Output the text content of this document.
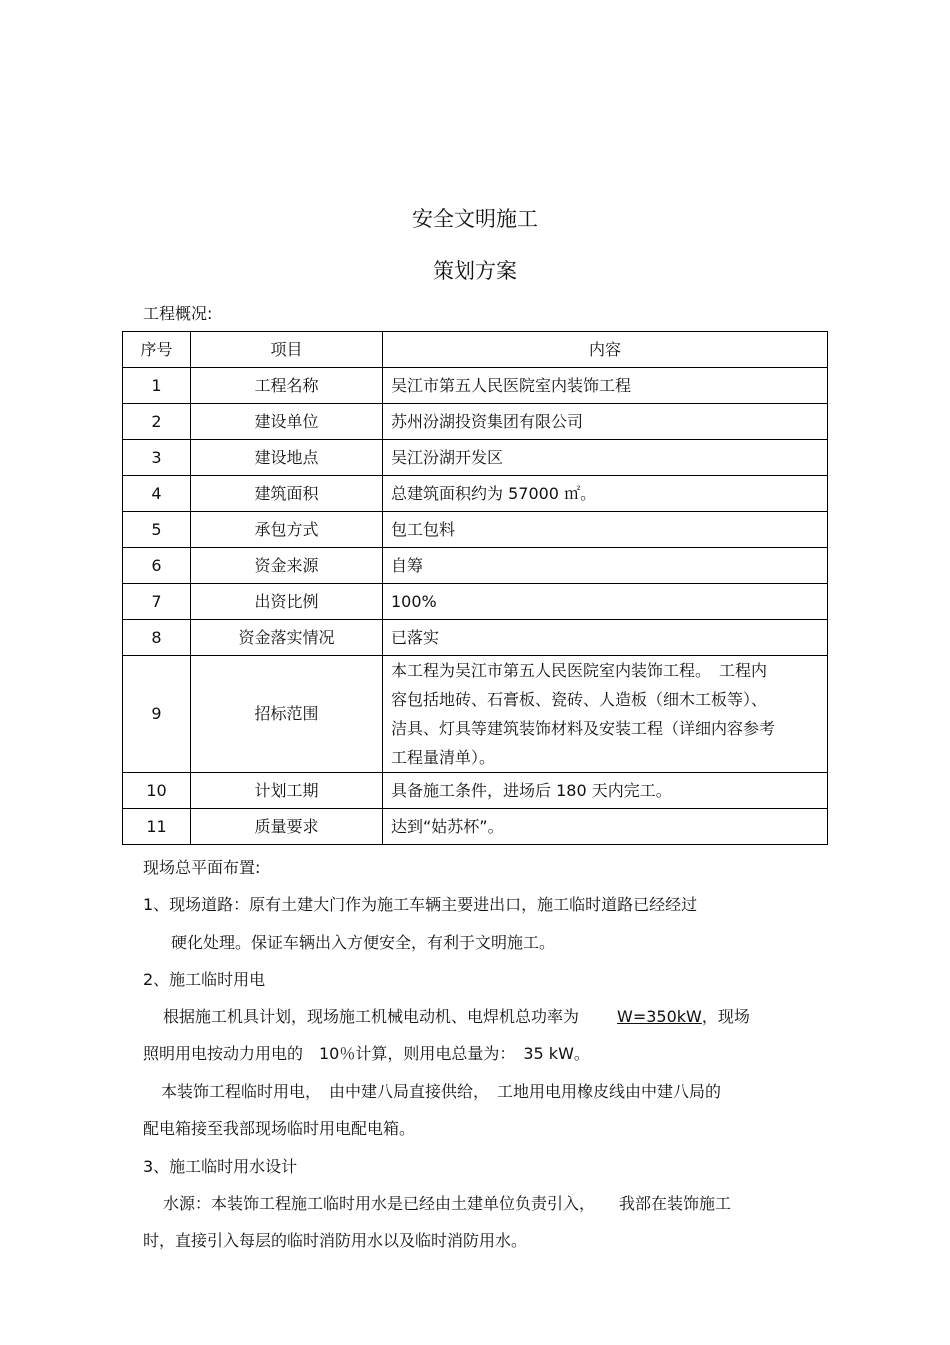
安全文明施工
策划方案
工程概况:
序号	项目	内容
1	工程名称	吴江市第五人民医院室内装饰工程
2	建设单位	苏州汾湖投资集团有限公司
3	建设地点	吴江汾湖开发区
4	建筑面积	总建筑面积约为 57000 ㎡。
5	承包方式	包工包料
6	资金来源	自筹
7	出资比例	100%
8	资金落实情况	已落实
9	招标范围	本工程为吴江市第五人民医院室内装饰工程。　工程内
容包括地砖、石膏板、瓷砖、人造板（细木工板等）、
洁具、灯具等建筑装饰材料及安装工程（详细内容参考
工程量清单）。

10	计划工期	具备施工条件，进场后 180 天内完工。
11	质量要求	达到“姑苏杯”。
现场总平面布置:
1、现场道路：原有土建大门作为施工车辆主要进出口，施工临时道路已经经过
硬化处理。保证车辆出入方便安全，有利于文明施工。
2、施工临时用电
根据施工机具计划，现场施工机械电动机、电焊机总功率为 W=350kW，现场
照明用电按动力用电的　10％计算，则用电总量为：　35 kW。
本装饰工程临时用电，　由中建八局直接供给，　工地用电用橡皮线由中建八局的
配电箱接至我部现场临时用电配电箱。
3、施工临时用水设计
水源：本装饰工程施工临时用水是已经由土建单位负责引入，　　我部在装饰施工
时，直接引入每层的临时消防用水以及临时消防用水。
